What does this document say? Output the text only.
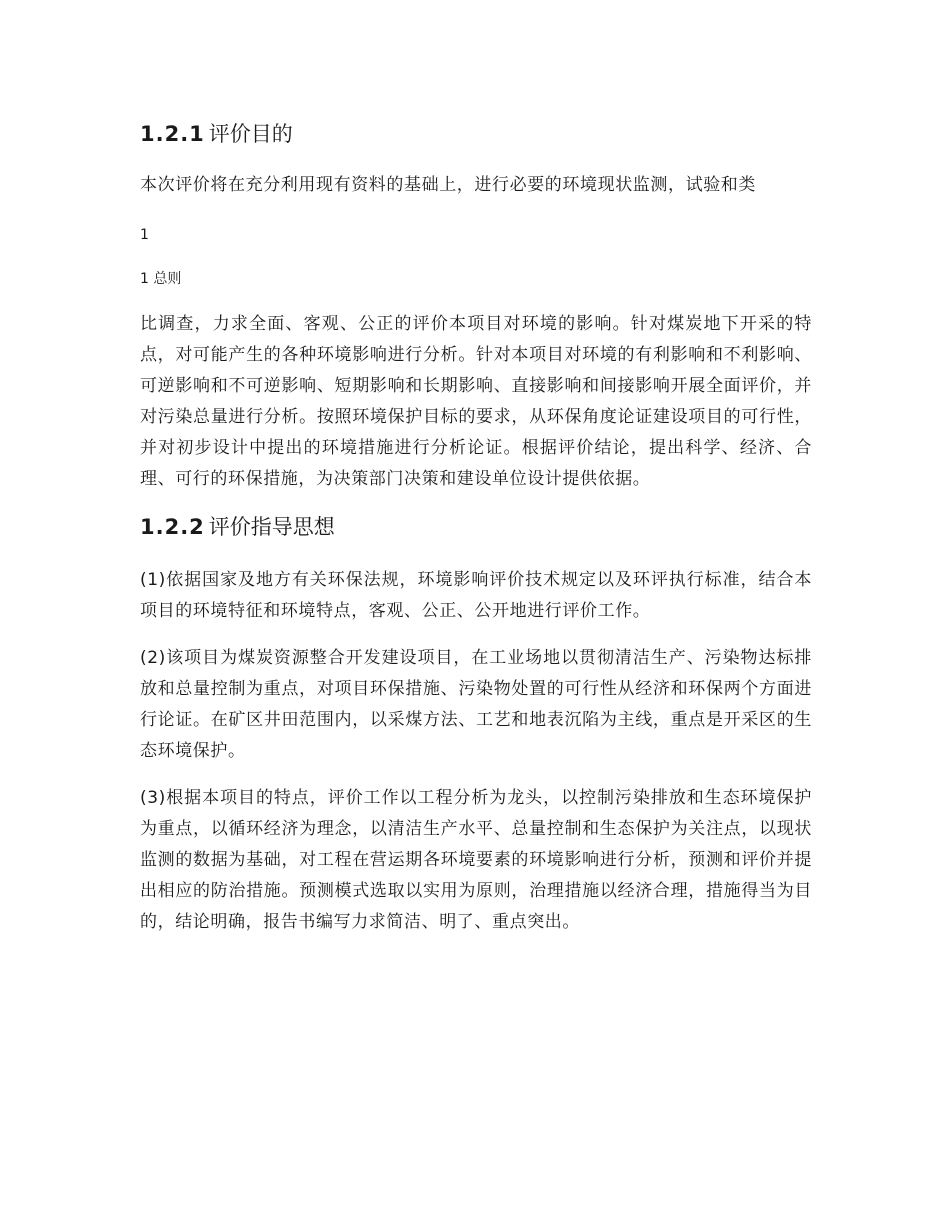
1.2.1 评价目的

本次评价将在充分利用现有资料的基础上，进行必要的环境现状监测，试验和类

1

1 总则

比调查，力求全面、客观、公正的评价本项目对环境的影响。针对煤炭地下开采的特点，对可能产生的各种环境影响进行分析。针对本项目对环境的有利影响和不利影响、可逆影响和不可逆影响、短期影响和长期影响、直接影响和间接影响开展全面评价，并对污染总量进行分析。按照环境保护目标的要求，从环保角度论证建设项目的可行性，并对初步设计中提出的环境措施进行分析论证。根据评价结论，提出科学、经济、合理、可行的环保措施，为决策部门决策和建设单位设计提供依据。

1.2.2 评价指导思想

(1)依据国家及地方有关环保法规，环境影响评价技术规定以及环评执行标准，结合本项目的环境特征和环境特点，客观、公正、公开地进行评价工作。

(2)该项目为煤炭资源整合开发建设项目，在工业场地以贯彻清洁生产、污染物达标排放和总量控制为重点，对项目环保措施、污染物处置的可行性从经济和环保两个方面进行论证。在矿区井田范围内，以采煤方法、工艺和地表沉陷为主线，重点是开采区的生态环境保护。

(3)根据本项目的特点，评价工作以工程分析为龙头，以控制污染排放和生态环境保护为重点，以循环经济为理念，以清洁生产水平、总量控制和生态保护为关注点，以现状监测的数据为基础，对工程在营运期各环境要素的环境影响进行分析，预测和评价并提出相应的防治措施。预测模式选取以实用为原则，治理措施以经济合理，措施得当为目的，结论明确，报告书编写力求简洁、明了、重点突出。
